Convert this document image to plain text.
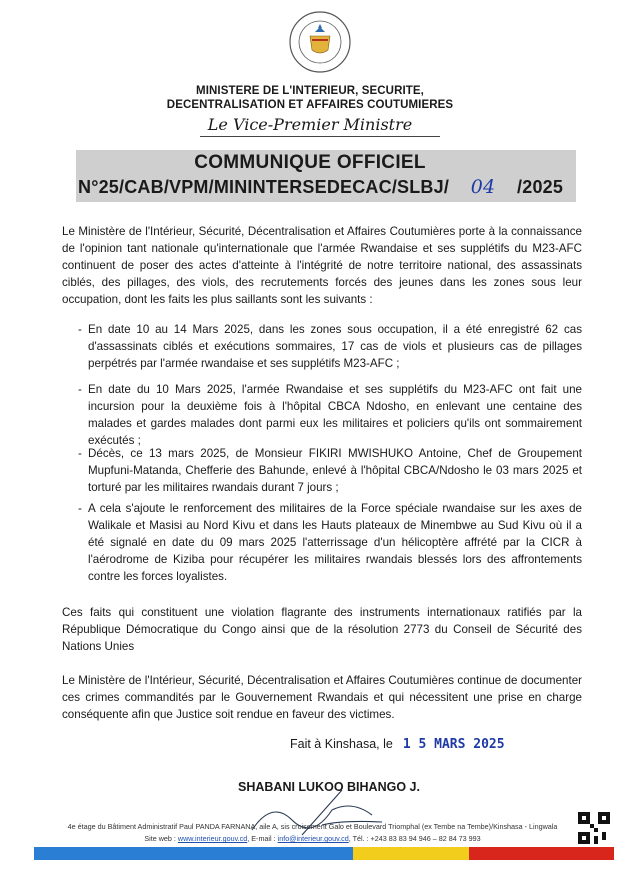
MINISTERE DE L'INTERIEUR, SECURITE,
DECENTRALISATION ET AFFAIRES COUTUMIERES
Le Vice-Premier Ministre
COMMUNIQUE OFFICIEL
N°25/CAB/VPM/MININTERSEDECAC/SLBJ/ 04 /2025
Le Ministère de l'Intérieur, Sécurité, Décentralisation et Affaires Coutumières porte à la connaissance de l'opinion tant nationale qu'internationale que l'armée Rwandaise et ses supplétifs du M23-AFC continuent de poser des actes d'atteinte à l'intégrité de notre territoire national, des assassinats ciblés, des pillages, des viols, des recrutements forcés des jeunes dans les zones sous leur occupation, dont les faits les plus saillants sont les suivants :
- En date 10 au 14 Mars 2025, dans les zones sous occupation, il a été enregistré 62 cas d'assassinats ciblés et exécutions sommaires, 17 cas de viols et plusieurs cas de pillages perpétrés par l'armée rwandaise et ses supplétifs M23-AFC ;
- En date du 10 Mars 2025, l'armée Rwandaise et ses supplétifs du M23-AFC ont fait une incursion pour la deuxième fois à l'hôpital CBCA Ndosho, en enlevant une centaine des malades et gardes malades dont parmi eux les militaires et policiers qu'ils ont sommairement exécutés ;
- Décès, ce 13 mars 2025, de Monsieur FIKIRI MWISHUKO Antoine, Chef de Groupement Mupfuni-Matanda, Chefferie des Bahunde, enlevé à l'hôpital CBCA/Ndosho le 03 mars 2025 et torturé par les militaires rwandais durant 7 jours ;
- A cela s'ajoute le renforcement des militaires de la Force spéciale rwandaise sur les axes de Walikale et Masisi au Nord Kivu et dans les Hauts plateaux de Minembwe au Sud Kivu où il a été signalé en date du 09 mars 2025 l'atterrissage d'un hélicoptère affrété par la CICR à l'aérodrome de Kiziba pour récupérer les militaires rwandais blessés lors des affrontements contre les forces loyalistes.
Ces faits qui constituent une violation flagrante des instruments internationaux ratifiés par la République Démocratique du Congo ainsi que de la résolution 2773 du Conseil de Sécurité des Nations Unies
Le Ministère de l'Intérieur, Sécurité, Décentralisation et Affaires Coutumières continue de documenter ces crimes commandités par le Gouvernement Rwandais et qui nécessitent une prise en charge conséquente afin que Justice soit rendue en faveur des victimes.
Fait à Kinshasa, le 1 5 MARS 2025
SHABANI LUKOO BIHANGO J.
4e étage du Bâtiment Administratif Paul PANDA FARNANA, aile A, sis croisement Galo et Boulevard Triomphal (ex Tembe na Tembe)/Kinshasa - Lingwala
Site web : www.interieur.gouv.cd, E-mail : info@interieur.gouv.cd, Tél. : +243 83 83 94 946 – 82 84 73 993
